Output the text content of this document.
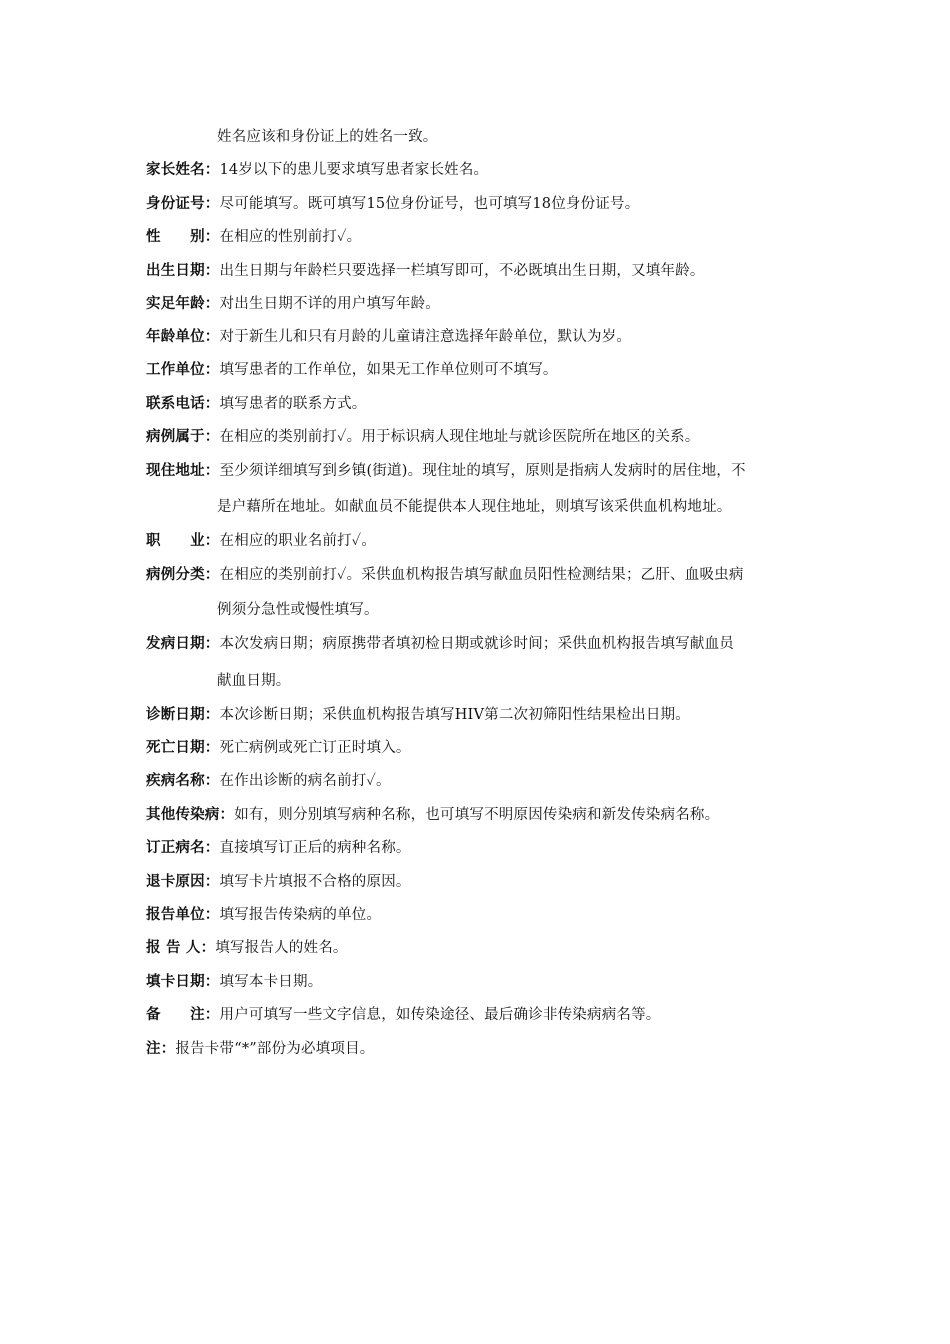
姓名应该和身份证上的姓名一致。
家长姓名：14岁以下的患儿要求填写患者家长姓名。
身份证号：尽可能填写。既可填写15位身份证号，也可填写18位身份证号。
性　　别：在相应的性别前打✓。
出生日期：出生日期与年龄栏只要选择一栏填写即可，不必既填出生日期，又填年龄。
实足年龄：对出生日期不详的用户填写年龄。
年龄单位：对于新生儿和只有月龄的儿童请注意选择年龄单位，默认为岁。
工作单位：填写患者的工作单位，如果无工作单位则可不填写。
联系电话：填写患者的联系方式。
病例属于：在相应的类别前打✓。用于标识病人现住地址与就诊医院所在地区的关系。
现住地址：至少须详细填写到乡镇(街道)。现住址的填写，原则是指病人发病时的居住地，不
是户藉所在地址。如献血员不能提供本人现住地址，则填写该采供血机构地址。
职　　业：在相应的职业名前打✓。
病例分类：在相应的类别前打✓。采供血机构报告填写献血员阳性检测结果；乙肝、血吸虫病
例须分急性或慢性填写。
发病日期：本次发病日期；病原携带者填初检日期或就诊时间；采供血机构报告填写献血员
献血日期。
诊断日期：本次诊断日期；采供血机构报告填写HIV第二次初筛阳性结果检出日期。
死亡日期：死亡病例或死亡订正时填入。
疾病名称：在作出诊断的病名前打✓。
其他传染病：如有，则分别填写病种名称，也可填写不明原因传染病和新发传染病名称。
订正病名：直接填写订正后的病种名称。
退卡原因：填写卡片填报不合格的原因。
报告单位：填写报告传染病的单位。
报 告 人：填写报告人的姓名。
填卡日期：填写本卡日期。
备　　注：用户可填写一些文字信息，如传染途径、最后确诊非传染病病名等。
注：报告卡带“*”部份为必填项目。
